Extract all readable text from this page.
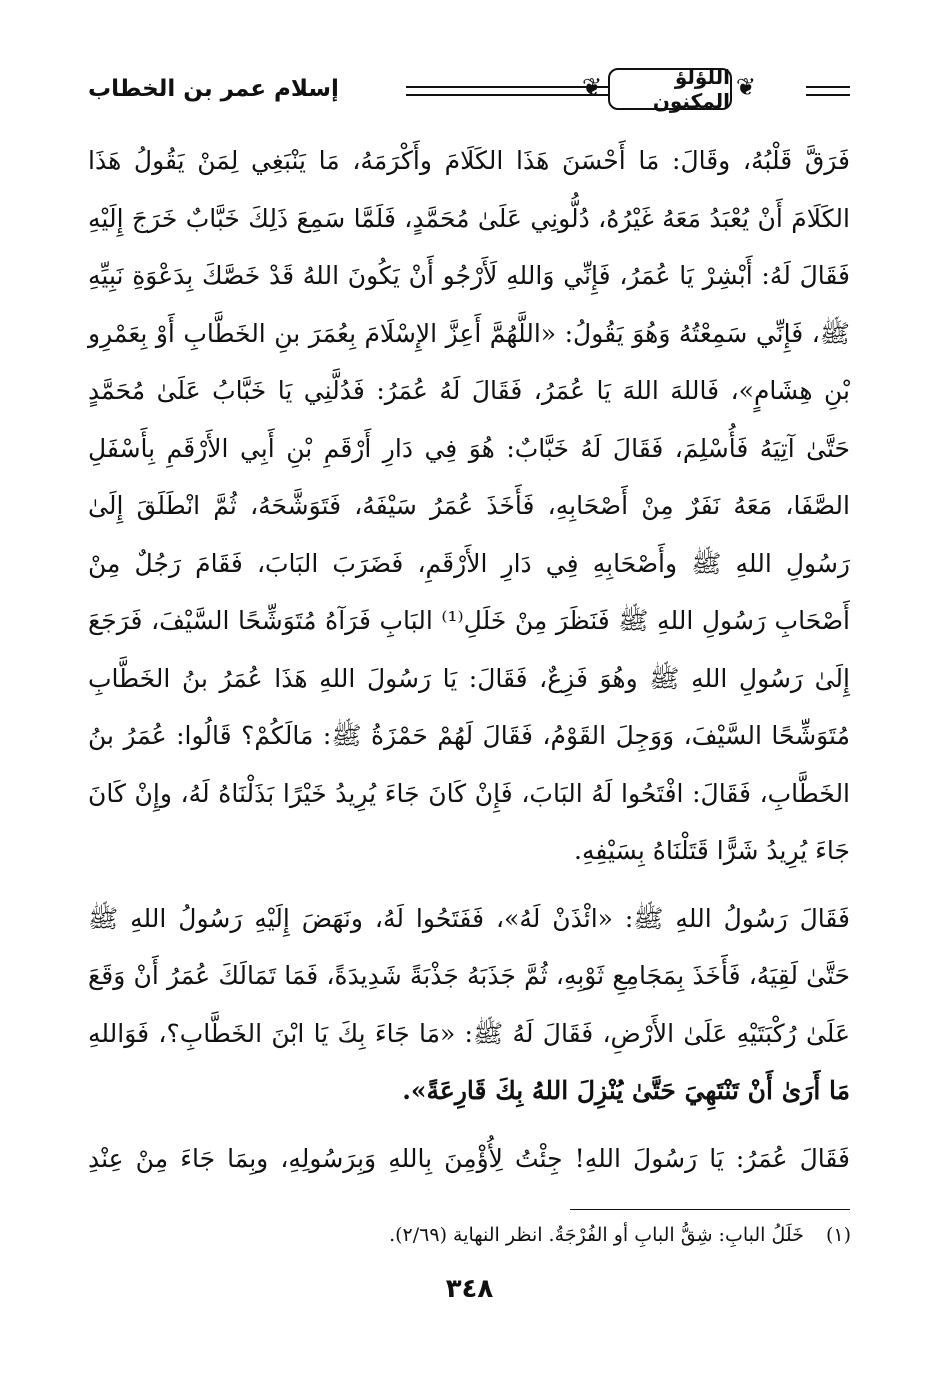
إسلام عمر بن الخطاب	❦	اللؤلؤ المكنون ❦

فَرَقَّ قَلْبُهُ، وقَالَ: مَا أَحْسَنَ هَذَا الكَلَامَ وأَكْرَمَهُ، مَا يَنْبَغِي لِمَنْ يَقُولُ هَذَا الكَلَامَ أَنْ يُعْبَدُ مَعَهُ غَيْرُهُ، دُلُّونِي عَلَىٰ مُحَمَّدٍ، فَلَمَّا سَمِعَ ذَلِكَ خَبَّابٌ خَرَجَ إِلَيْهِ فَقَالَ لَهُ: أَبْشِرْ يَا عُمَرُ، فَإِنِّي وَاللهِ لَأَرْجُو أَنْ يَكُونَ اللهُ قَدْ خَصَّكَ بِدَعْوَةِ نَبِيِّهِ ﷺ، فَإِنِّي سَمِعْتُهُ وَهُوَ يَقُولُ: «اللَّهُمَّ أَعِزَّ الإِسْلَامَ بِعُمَرَ بنِ الخَطَّابِ أَوْ بِعَمْرِو بْنِ هِشَامٍ»، فَاللهَ اللهَ يَا عُمَرُ، فَقَالَ لَهُ عُمَرُ: فَدُلَّنِي يَا خَبَّابُ عَلَىٰ مُحَمَّدٍ حَتَّىٰ آتِيَهُ فَأُسْلِمَ، فَقَالَ لَهُ خَبَّابٌ: هُوَ فِي دَارِ أَرْقَمِ بْنِ أَبِي الأَرْقَمِ بِأَسْفَلِ الصَّفَا، مَعَهُ نَفَرٌ مِنْ أَصْحَابِهِ، فَأَخَذَ عُمَرُ سَيْفَهُ، فَتَوَشَّحَهُ، ثُمَّ انْطَلَقَ إِلَىٰ رَسُولِ اللهِ ﷺ وأَصْحَابِهِ فِي دَارِ الأَرْقَمِ، فَضَرَبَ البَابَ، فَقَامَ رَجُلٌ مِنْ أَصْحَابِ رَسُولِ اللهِ ﷺ فَنَظَرَ مِنْ خَلَلِ⁽¹⁾ البَابِ فَرَآهُ مُتَوَشِّحًا السَّيْفَ، فَرَجَعَ إِلَىٰ رَسُولِ اللهِ ﷺ وهُوَ فَزِعٌ، فَقَالَ: يَا رَسُولَ اللهِ هَذَا عُمَرُ بنُ الخَطَّابِ مُتَوَشِّحًا السَّيْفَ، وَوَجِلَ القَوْمُ، فَقَالَ لَهُمْ حَمْزَةُ ﷺ: مَالَكُمْ؟ قَالُوا: عُمَرُ بنُ الخَطَّابِ، فَقَالَ: افْتَحُوا لَهُ البَابَ، فَإِنْ كَانَ جَاءَ يُرِيدُ خَيْرًا بَذَلْنَاهُ لَهُ، وإِنْ كَانَ جَاءَ يُرِيدُ شَرًّا قَتَلْنَاهُ بِسَيْفِهِ.

فَقَالَ رَسُولُ اللهِ ﷺ: «ائْذَنْ لَهُ»، فَفَتَحُوا لَهُ، ونَهَضَ إِلَيْهِ رَسُولُ اللهِ ﷺ حَتَّىٰ لَقِيَهُ، فَأَخَذَ بِمَجَامِعِ ثَوْبِهِ، ثُمَّ جَذَبَهُ جَذْبَةً شَدِيدَةً، فَمَا تَمَالَكَ عُمَرُ أَنْ وَقَعَ عَلَىٰ رُكْبَتَيْهِ عَلَىٰ الأَرْضِ، فَقَالَ لَهُ ﷺ: «مَا جَاءَ بِكَ يَا ابْنَ الخَطَّابِ؟، فَوَاللهِ مَا أَرَىٰ أَنْ تَنْتَهِيَ حَتَّىٰ يُنْزِلَ اللهُ بِكَ قَارِعَةً».

فَقَالَ عُمَرُ: يَا رَسُولَ اللهِ! جِئْتُ لِأُؤْمِنَ بِاللهِ وَبِرَسُولِهِ، وبِمَا جَاءَ مِنْ عِنْدِ

(١) خَلَلُ البابِ: شِقُّ البابِ أو الفُرْجَةُ. انظر النهاية (٢/٦٩).
٣٤٨
